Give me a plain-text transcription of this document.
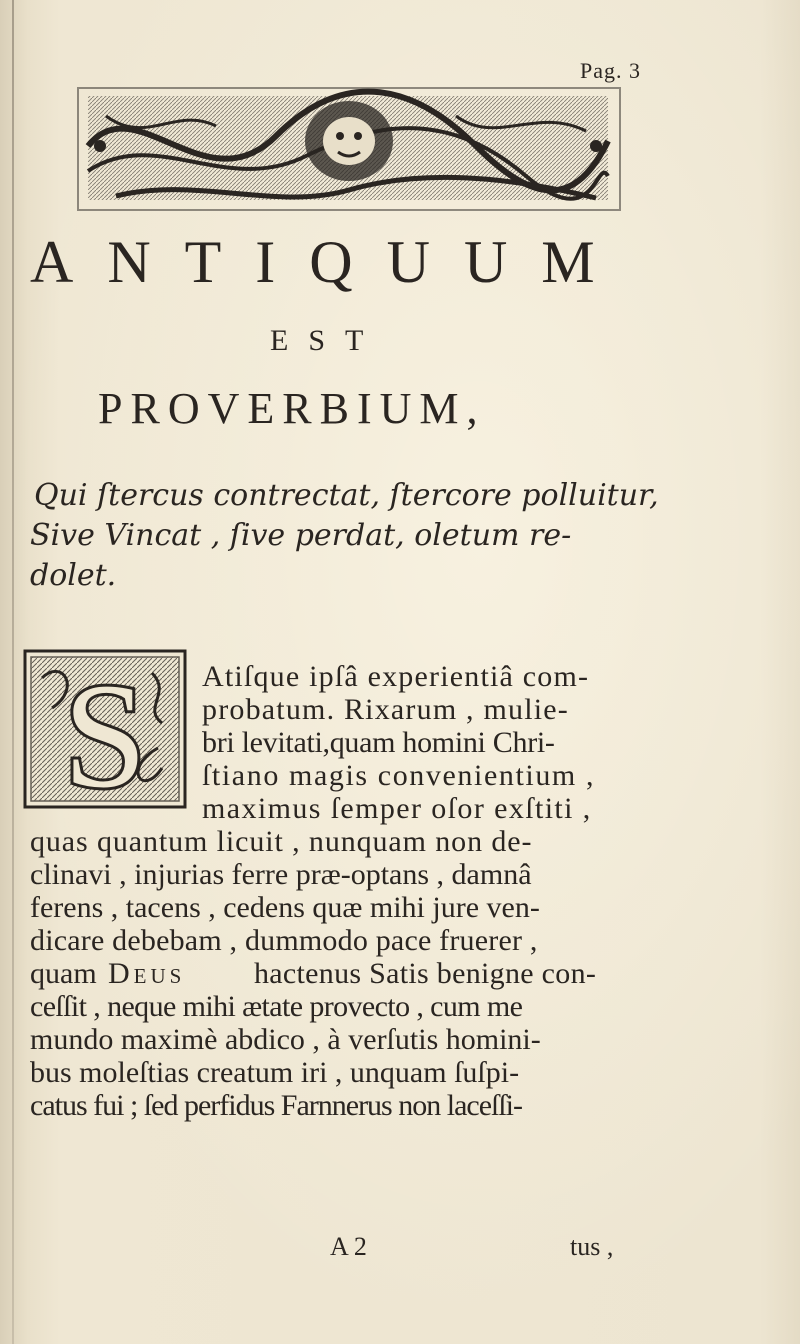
Pag. 3
ANTIQUUM
EST
PROVERBIUM,
Qui ſtercus contrectat, ſtercore polluitur,
Sive Vincat , ſive perdat, oletum re-
dolet.
S Atiſque ipſâ experientiâ com-
probatum. Rixarum , mulie-
bri levitati,quam homini Chri-
ſtiano magis convenientium ,
maximus ſemper oſor exſtiti ,
quas quantum licuit , nunquam non de-
clinavi , injurias ferre præ-optans , damnâ
ferens , tacens , cedens quæ mihi jure ven-
dicare debebam , dummodo pace fruerer ,
quam Deus hactenus Satis benigne con-
ceſſit , neque mihi ætate provecto , cum me
mundo maximè abdico , à verſutis homini-
bus moleſtias creatum iri , unquam ſuſpi-
catus fui ; ſed perfidus Farnnerus non laceſſi-
A 2	tus ,
